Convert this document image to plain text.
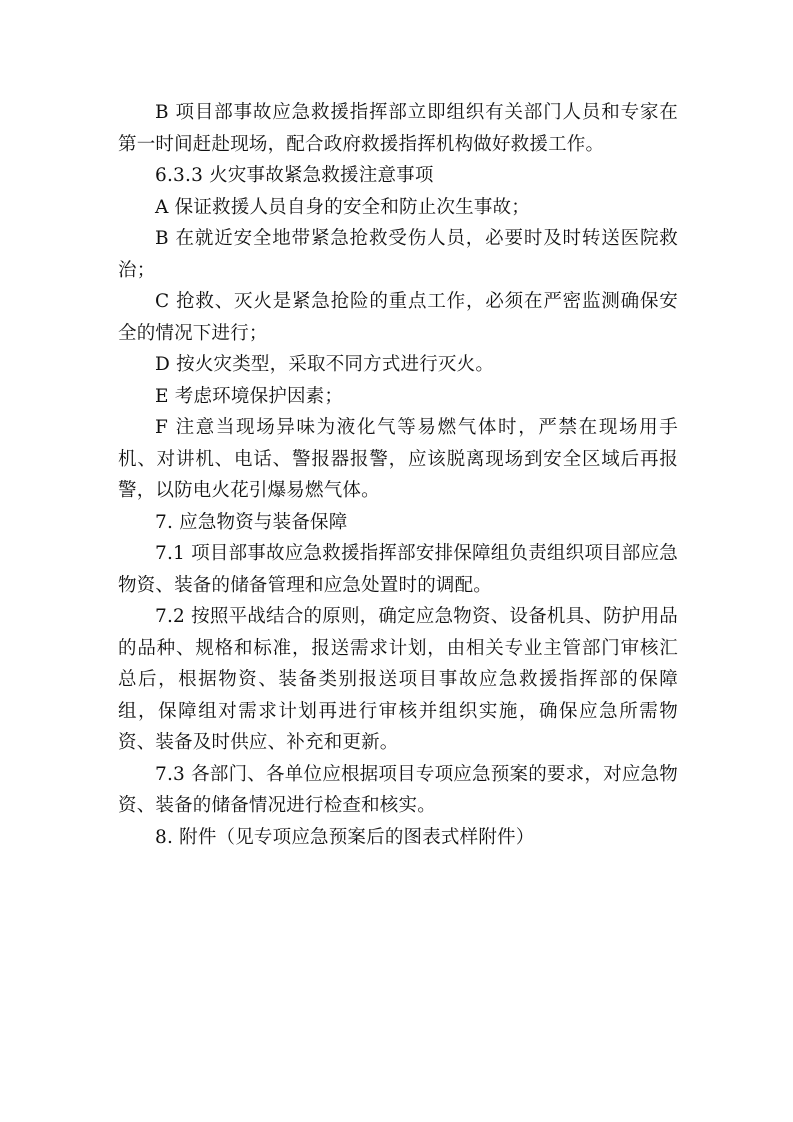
B 项目部事故应急救援指挥部立即组织有关部门人员和专家在第一时间赶赴现场，配合政府救援指挥机构做好救援工作。

6.3.3 火灾事故紧急救援注意事项

A 保证救援人员自身的安全和防止次生事故；

B 在就近安全地带紧急抢救受伤人员，必要时及时转送医院救治；

C 抢救、灭火是紧急抢险的重点工作，必须在严密监测确保安全的情况下进行；

D 按火灾类型，采取不同方式进行灭火。

E 考虑环境保护因素；

F 注意当现场异味为液化气等易燃气体时，严禁在现场用手机、对讲机、电话、警报器报警，应该脱离现场到安全区域后再报警，以防电火花引爆易燃气体。

7. 应急物资与装备保障

7.1 项目部事故应急救援指挥部安排保障组负责组织项目部应急物资、装备的储备管理和应急处置时的调配。

7.2 按照平战结合的原则，确定应急物资、设备机具、防护用品的品种、规格和标准，报送需求计划，由相关专业主管部门审核汇总后，根据物资、装备类别报送项目事故应急救援指挥部的保障组，保障组对需求计划再进行审核并组织实施，确保应急所需物资、装备及时供应、补充和更新。

7.3 各部门、各单位应根据项目专项应急预案的要求，对应急物资、装备的储备情况进行检查和核实。

8. 附件（见专项应急预案后的图表式样附件）
